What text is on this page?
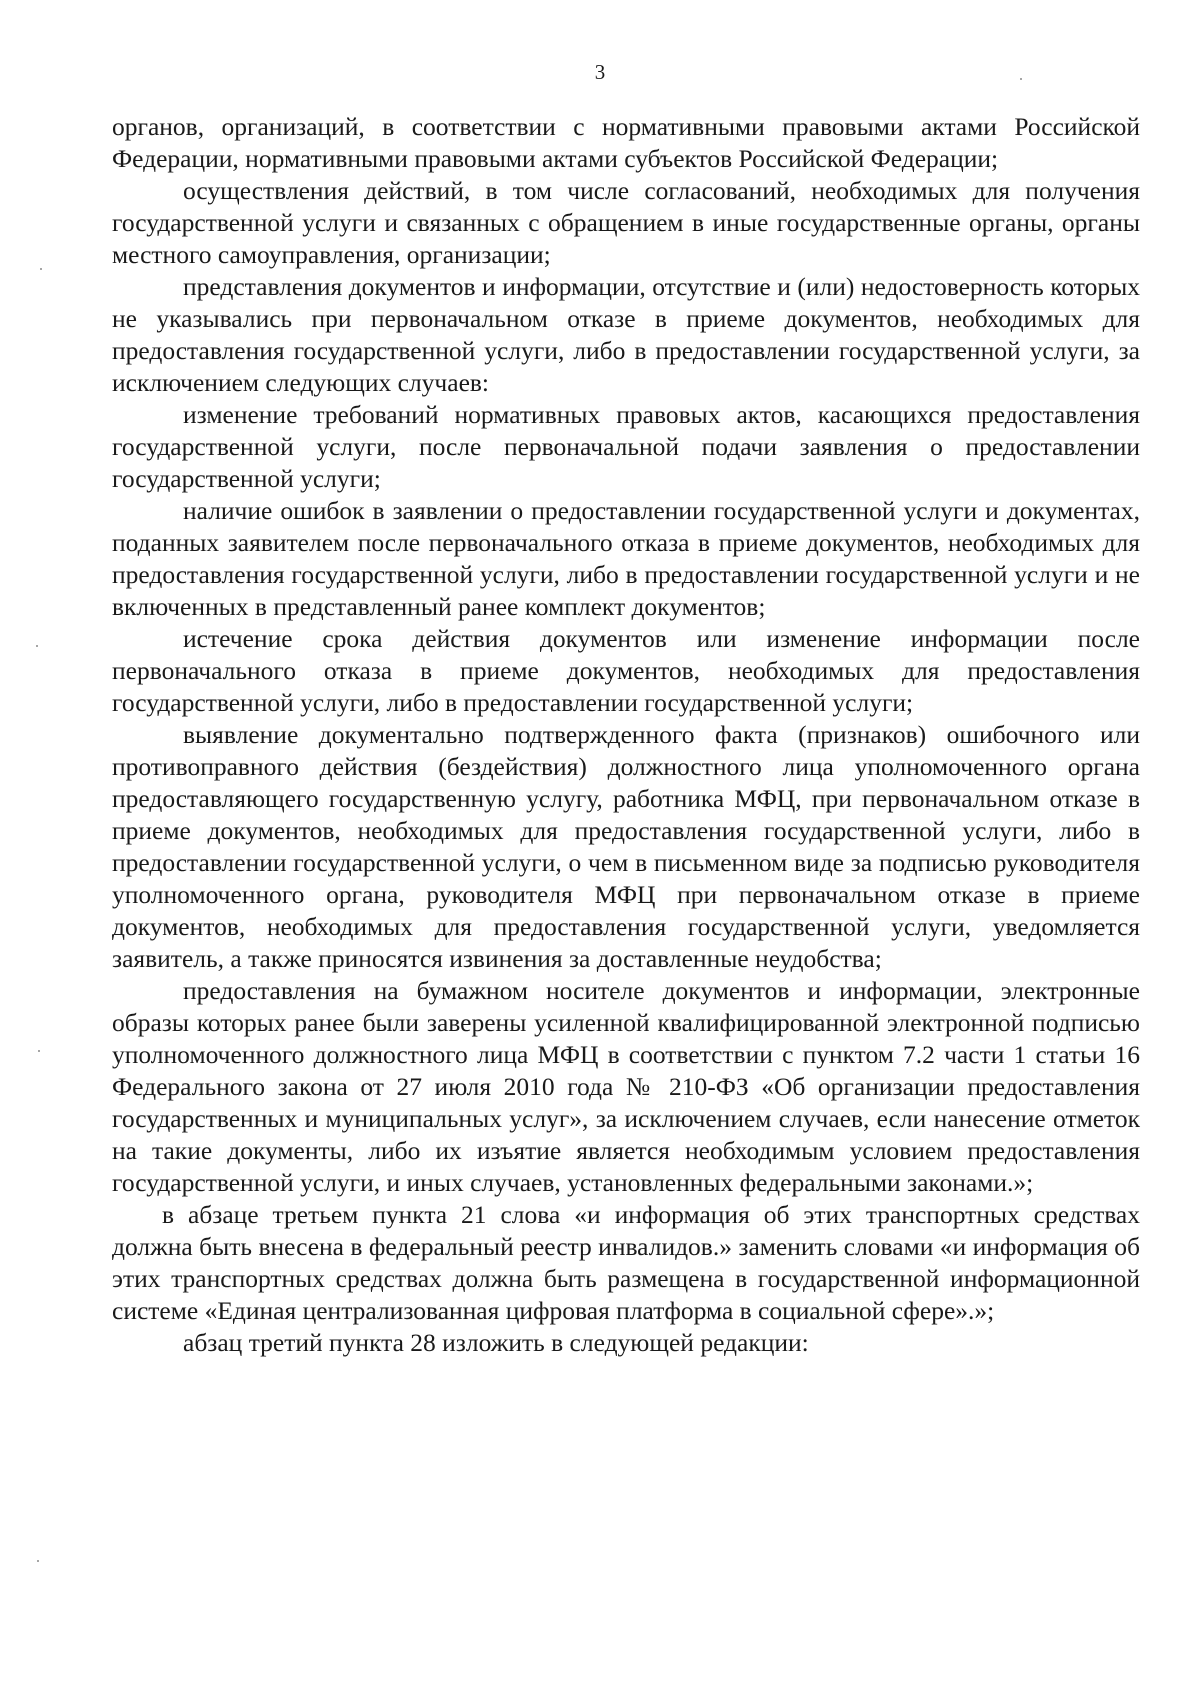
3

органов, организаций, в соответствии с нормативными правовыми актами Российской Федерации, нормативными правовыми актами субъектов Российской Федерации;

осуществления действий, в том числе согласований, необходимых для получения государственной услуги и связанных с обращением в иные государственные органы, органы местного самоуправления, организации;

представления документов и информации, отсутствие и (или) недостоверность которых не указывались при первоначальном отказе в приеме документов, необходимых для предоставления государственной услуги, либо в предоставлении государственной услуги, за исключением следующих случаев:

изменение требований нормативных правовых актов, касающихся предоставления государственной услуги, после первоначальной подачи заявления о предоставлении государственной услуги;

наличие ошибок в заявлении о предоставлении государственной услуги и документах, поданных заявителем после первоначального отказа в приеме документов, необходимых для предоставления государственной услуги, либо в предоставлении государственной услуги и не включенных в представленный ранее комплект документов;

истечение срока действия документов или изменение информации после первоначального отказа в приеме документов, необходимых для предоставления государственной услуги, либо в предоставлении государственной услуги;

выявление документально подтвержденного факта (признаков) ошибочного или противоправного действия (бездействия) должностного лица уполномоченного органа предоставляющего государственную услугу, работника МФЦ, при первоначальном отказе в приеме документов, необходимых для предоставления государственной услуги, либо в предоставлении государственной услуги, о чем в письменном виде за подписью руководителя уполномоченного органа, руководителя МФЦ при первоначальном отказе в приеме документов, необходимых для предоставления государственной услуги, уведомляется заявитель, а также приносятся извинения за доставленные неудобства;

предоставления на бумажном носителе документов и информации, электронные образы которых ранее были заверены усиленной квалифицированной электронной подписью уполномоченного должностного лица МФЦ в соответствии с пунктом 7.2 части 1 статьи 16 Федерального закона от 27 июля 2010 года № 210-ФЗ «Об организации предоставления государственных и муниципальных услуг», за исключением случаев, если нанесение отметок на такие документы, либо их изъятие является необходимым условием предоставления государственной услуги, и иных случаев, установленных федеральными законами.»;

в абзаце третьем пункта 21 слова «и информация об этих транспортных средствах должна быть внесена в федеральный реестр инвалидов.» заменить словами «и информация об этих транспортных средствах должна быть размещена в государственной информационной системе «Единая централизованная цифровая платформа в социальной сфере».»;

абзац третий пункта 28 изложить в следующей редакции:
